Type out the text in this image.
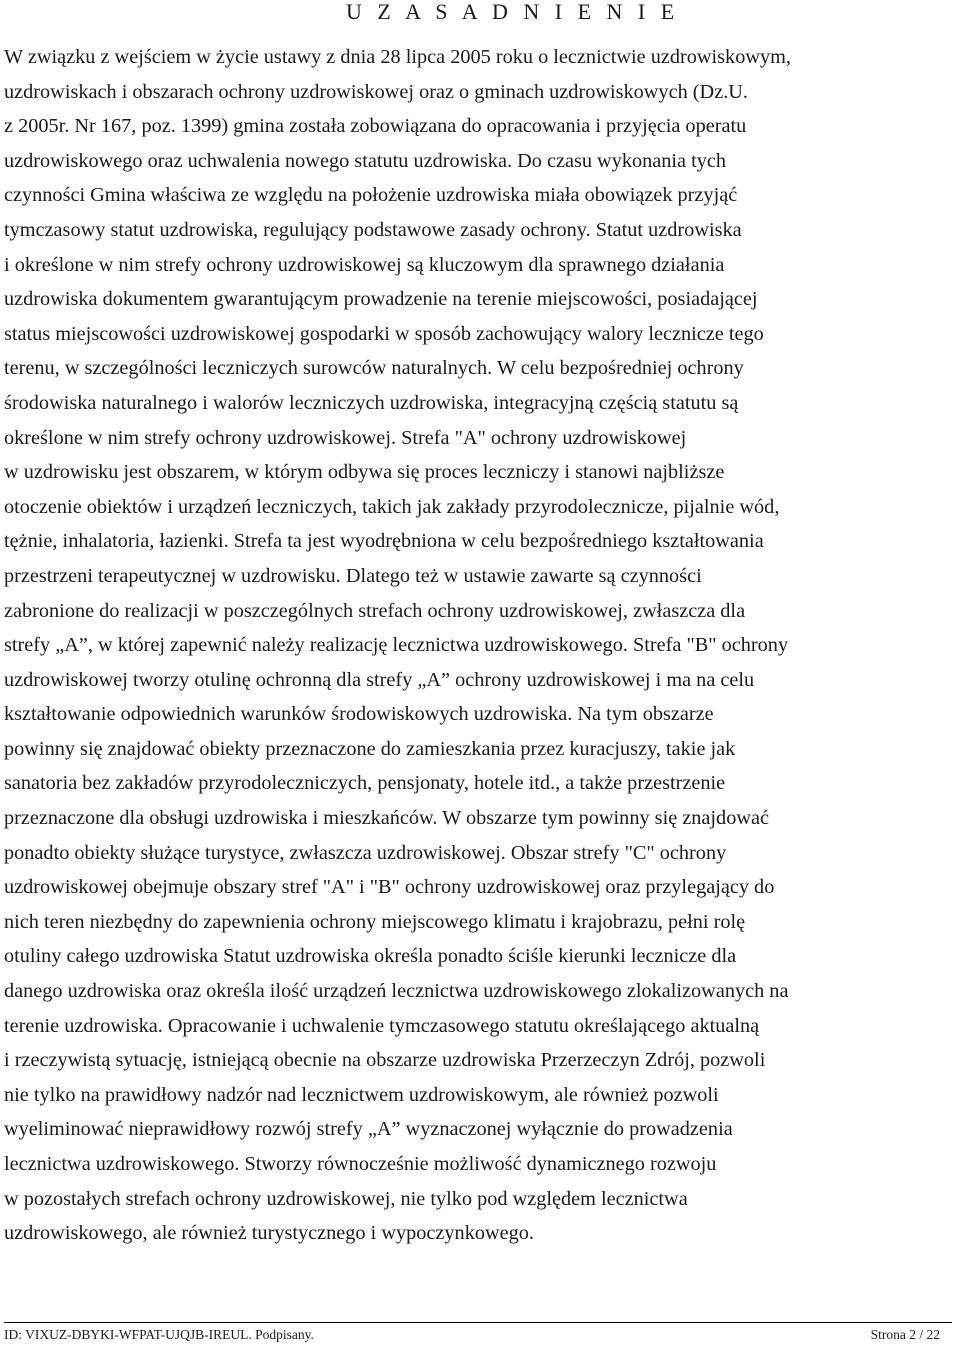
U Z A S A D N I E N I E
W związku z wejściem w życie ustawy z dnia 28 lipca 2005 roku o lecznictwie uzdrowiskowym,
uzdrowiskach i obszarach ochrony uzdrowiskowej oraz o gminach uzdrowiskowych (Dz.U.
z 2005r. Nr 167, poz. 1399) gmina została zobowiązana do opracowania i przyjęcia operatu
uzdrowiskowego oraz uchwalenia nowego statutu uzdrowiska. Do czasu wykonania tych
czynności Gmina właściwa ze względu na położenie uzdrowiska miała obowiązek przyjąć
tymczasowy statut uzdrowiska, regulujący podstawowe zasady ochrony. Statut uzdrowiska
i określone w nim strefy ochrony uzdrowiskowej są kluczowym dla sprawnego działania
uzdrowiska dokumentem gwarantującym prowadzenie na terenie miejscowości, posiadającej
status miejscowości uzdrowiskowej gospodarki w sposób zachowujący walory lecznicze tego
terenu, w szczególności leczniczych surowców naturalnych. W celu bezpośredniej ochrony
środowiska naturalnego i walorów leczniczych uzdrowiska, integracyjną częścią statutu są
określone w nim strefy ochrony uzdrowiskowej. Strefa "A" ochrony uzdrowiskowej
w uzdrowisku jest obszarem, w którym odbywa się proces leczniczy i stanowi najbliższe
otoczenie obiektów i urządzeń leczniczych, takich jak zakłady przyrodolecznicze, pijalnie wód,
tężnie, inhalatoria, łazienki. Strefa ta jest wyodrębniona w celu bezpośredniego kształtowania
przestrzeni terapeutycznej w uzdrowisku. Dlatego też w ustawie zawarte są czynności
zabronione do realizacji w poszczególnych strefach ochrony uzdrowiskowej, zwłaszcza dla
strefy „A”, w której zapewnić należy realizację lecznictwa uzdrowiskowego. Strefa "B" ochrony
uzdrowiskowej tworzy otulinę ochronną dla strefy „A” ochrony uzdrowiskowej i ma na celu
kształtowanie odpowiednich warunków środowiskowych uzdrowiska. Na tym obszarze
powinny się znajdować obiekty przeznaczone do zamieszkania przez kuracjuszy, takie jak
sanatoria bez zakładów przyrodoleczniczych, pensjonaty, hotele itd., a także przestrzenie
przeznaczone dla obsługi uzdrowiska i mieszkańców. W obszarze tym powinny się znajdować
ponadto obiekty służące turystyce, zwłaszcza uzdrowiskowej. Obszar strefy "C" ochrony
uzdrowiskowej obejmuje obszary stref "A" i "B" ochrony uzdrowiskowej oraz przylegający do
nich teren niezbędny do zapewnienia ochrony miejscowego klimatu i krajobrazu, pełni rolę
otuliny całego uzdrowiska Statut uzdrowiska określa ponadto ściśle kierunki lecznicze dla
danego uzdrowiska oraz określa ilość urządzeń lecznictwa uzdrowiskowego zlokalizowanych na
terenie uzdrowiska. Opracowanie i uchwalenie tymczasowego statutu określającego aktualną
i rzeczywistą sytuację, istniejącą obecnie na obszarze uzdrowiska Przerzeczyn Zdrój, pozwoli
nie tylko na prawidłowy nadzór nad lecznictwem uzdrowiskowym, ale również pozwoli
wyeliminować nieprawidłowy rozwój strefy „A” wyznaczonej wyłącznie do prowadzenia
lecznictwa uzdrowiskowego. Stworzy równocześnie możliwość dynamicznego rozwoju
w pozostałych strefach ochrony uzdrowiskowej, nie tylko pod względem lecznictwa
uzdrowiskowego, ale również turystycznego i wypoczynkowego.
ID: VIXUZ-DBYKI-WFPAT-UJQJB-IREUL. Podpisany.	Strona 2 / 22
